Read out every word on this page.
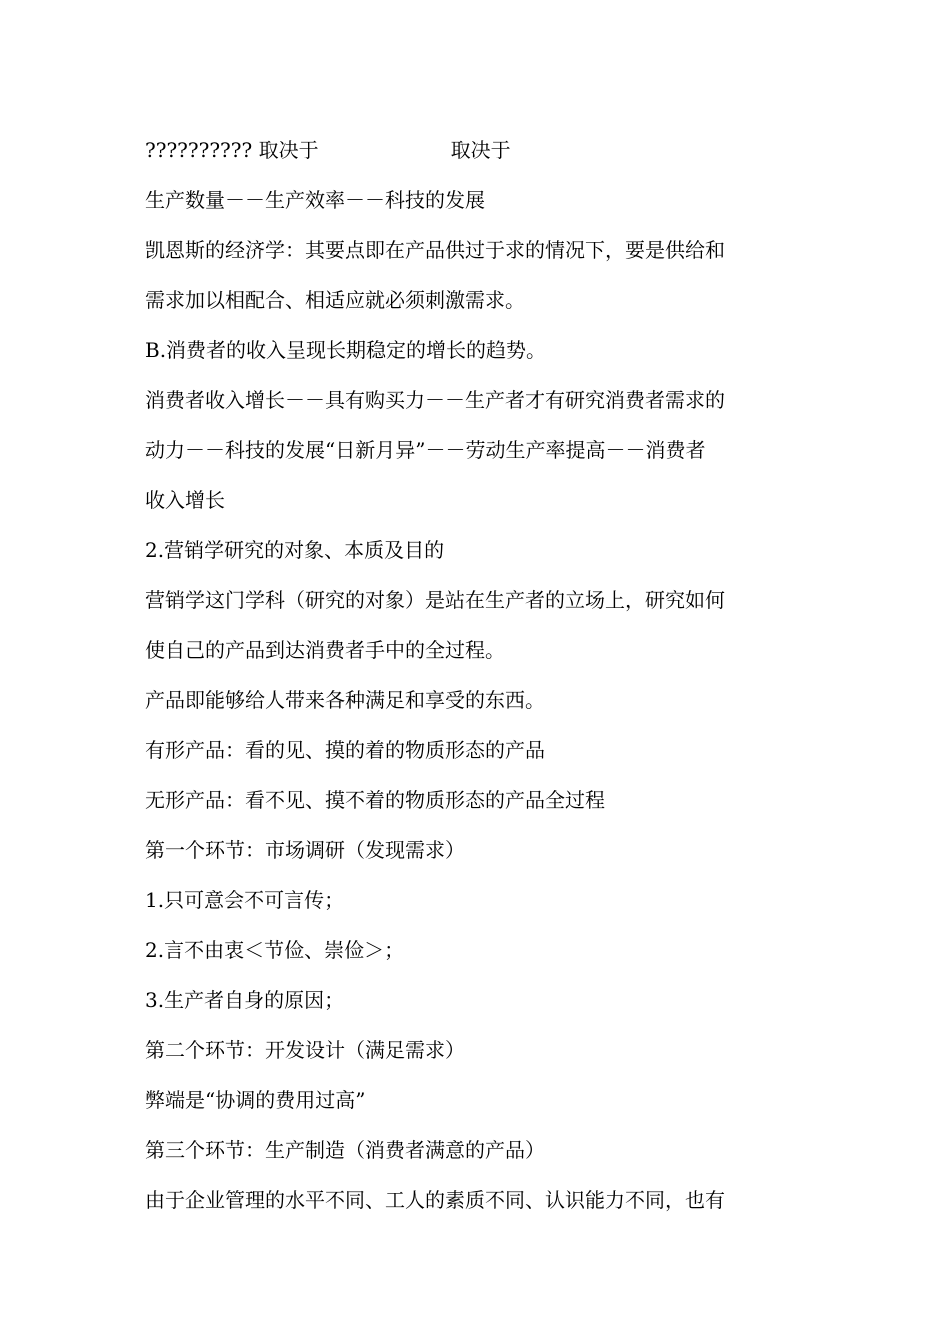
?????????? 取决于	取决于
生产数量－－生产效率－－科技的发展
凯恩斯的经济学：其要点即在产品供过于求的情况下，要是供给和
需求加以相配合、相适应就必须刺激需求。
B.消费者的收入呈现长期稳定的增长的趋势。
消费者收入增长－－具有购买力－－生产者才有研究消费者需求的
动力－－科技的发展“日新月异”－－劳动生产率提高－－消费者
收入增长
2.营销学研究的对象、本质及目的
营销学这门学科（研究的对象）是站在生产者的立场上，研究如何
使自己的产品到达消费者手中的全过程。
产品即能够给人带来各种满足和享受的东西。
有形产品：看的见、摸的着的物质形态的产品
无形产品：看不见、摸不着的物质形态的产品全过程
第一个环节：市场调研（发现需求）
1.只可意会不可言传；
2.言不由衷＜节俭、崇俭＞；
3.生产者自身的原因；
第二个环节：开发设计（满足需求）
弊端是“协调的费用过高”
第三个环节：生产制造（消费者满意的产品）
由于企业管理的水平不同、工人的素质不同、认识能力不同，也有
